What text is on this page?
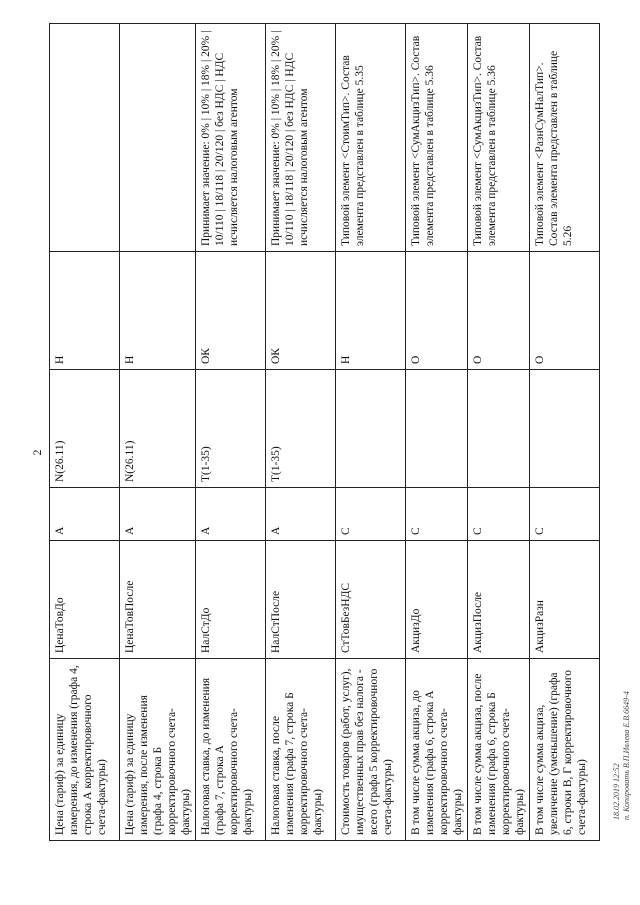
2
Цена (тариф) за единицу измерения, до изменения (графа 4, строка А корректировочного счета-фактуры)	ЦенаТовДо	А	N(26.11)	Н	
Цена (тариф) за единицу измерения, после изменения (графа 4, строка Б корректировочного счета-фактуры)	ЦенаТовПосле	А	N(26.11)	Н	
Налоговая ставка, до изменения (графа 7, строка А корректировочного счета-фактуры)	НалСтДо	А	T(1-35)	ОК	Принимает значение: 0% | 10% | 18% | 20% | 10/110 | 18/118 | 20/120 | без НДС | НДС исчисляется налоговым агентом
Налоговая ставка, после изменения (графа 7, строка Б корректировочного счета-фактуры)	НалСтПосле	А	T(1-35)	ОК	Принимает значение: 0% | 10% | 18% | 20% | 10/110 | 18/118 | 20/120 | без НДС | НДС исчисляется налоговым агентом
Стоимость товаров (работ, услуг), имущественных прав без налога - всего (графа 5 корректировочного счета-фактуры)	СтТовБезНДС	С		Н	Типовой элемент <СтоимТип>. Состав элемента представлен в таблице 5.35
В том числе сумма акциза, до изменения (графа 6, строка А корректировочного счета-фактуры)	АкцизДо	С		О	Типовой элемент <СумАкцизТип>. Состав элемента представлен в таблице 5.36
В том числе сумма акциза, после изменения (графа 6, строка Б корректировочного счета-фактуры)	АкцизПосле	С		О	Типовой элемент <СумАкцизТип>. Состав элемента представлен в таблице 5.36
В том числе сумма акциза, увеличение (уменьшение) (графа 6, строки В, Г корректировочного счета-фактуры)	АкцизРазн	С		О	Типовой элемент <РазнСумНалТип>. Состав элемента представлен в таблице 5.26
18.02.2019 12:52 п. Копировать В.П.Ивлева Е.В.6649-4
